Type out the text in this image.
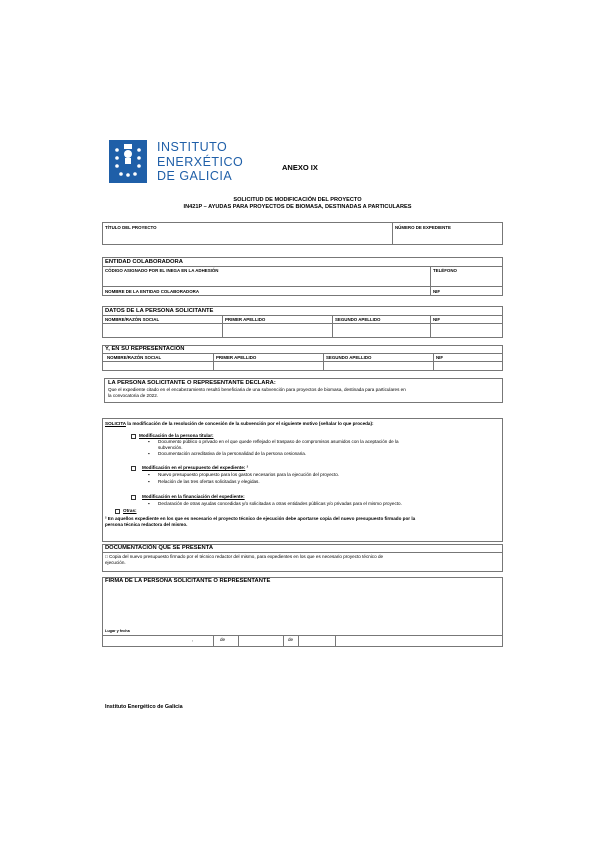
INSTITUTO
ENERXÉTICO
DE GALICIA
ANEXO IX
SOLICITUD DE MODIFICACIÓN DEL PROYECTO
IN421P – AYUDAS PARA PROYECTOS DE BIOMASA, DESTINADAS A PARTICULARES
TÍTULO DEL PROYECTO	NÚMERO DE EXPEDIENTE
ENTIDAD COLABORADORA
CÓDIGO ASIGNADO POR EL INEGA EN LA ADHESIÓN	TELÉFONO
NOMBRE DE LA ENTIDAD COLABORADORA	NIF
DATOS DE LA PERSONA SOLICITANTE
NOMBRE/RAZÓN SOCIAL	PRIMER APELLIDO	SEGUNDO APELLIDO	NIF
Y, EN SU REPRESENTACIÓN
NOMBRE/RAZÓN SOCIAL	PRIMER APELLIDO	SEGUNDO APELLIDO	NIF
LA PERSONA SOLICITANTE O REPRESENTANTE DECLARA:
Que el expediente citado en el encabezamiento resultó beneficiaria de una subvención para proyectos de biomasa, destinada para particulares en
la convocatoria de 2022.
SOLICITA la modificación de la resolución de concesión de la subvención por el siguiente motivo (señalar lo que proceda):
Modificación de la persona titular:
▪ Documento público o privado en el que quede reflejado el traspaso de compromisos asumidos con la aceptación de la
subvención.
▪ Documentación acreditativa de la personalidad de la persona cesionaria.
Modificación en el presupuesto del expediente: ²
▪ Nuevo presupuesto propuesto para los gastos necesarios para la ejecución del proyecto.
▪ Relación de las tres ofertas solicitadas y elegidas.
Modificación en la financiación del expediente:
▪ Declaración de otras ayudas concedidas y/o solicitadas a otras entidades públicas y/o privadas para el mismo proyecto.
Otras:
² En aquellos expediente en los que es necesario el proyecto técnico de ejecución debe aportarse copia del nuevo presupuesto firmado por la
persona técnica redactora del mismo.
DOCUMENTACIÓN QUE SE PRESENTA
□ Copia del nuevo presupuesto firmado por el técnico redactor del mismo, para expedientes en los que es necesario proyecto técnico de
ejecución.
FIRMA DE LA PERSONA SOLICITANTE O REPRESENTANTE
Lugar y fecha
,	de	de
Instituto Energético de Galicia
